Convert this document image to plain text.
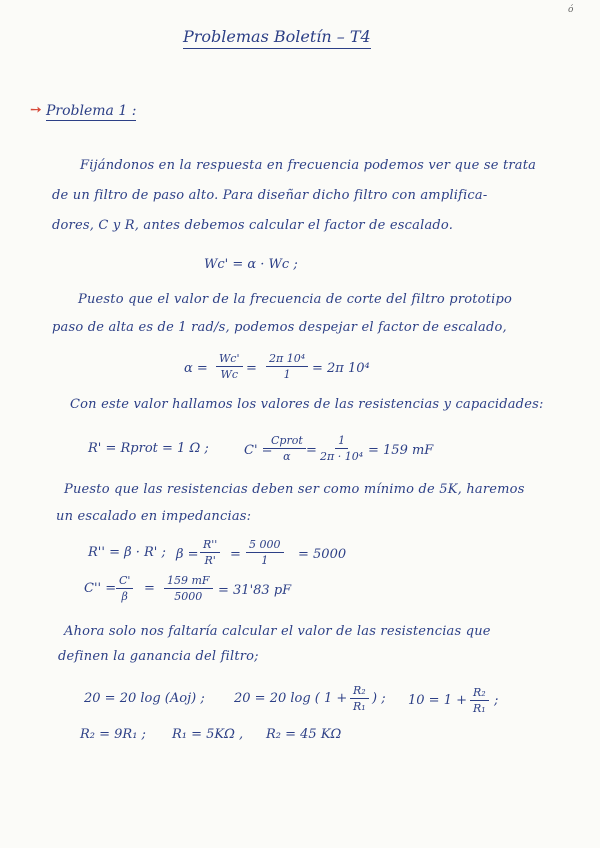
ó
Problemas Boletín – T4
➙ Problema 1 :
Fijándonos en la respuesta en frecuencia podemos ver que se trata
de un filtro de paso alto. Para diseñar dicho filtro con amplifica-
dores, C y R, antes debemos calcular el factor de escalado.
Wc' = α · Wc ;
Puesto que el valor de la frecuencia de corte del filtro prototipo
paso de alta es de 1 rad/s, podemos despejar el factor de escalado,
$\alpha = \frac{Wc'}{Wc} = \frac{\text{2π 10⁴}}{1} = 2\pi$ 10⁴
Con este valor hallamos los valores de las resistencias y capacidades:
R' = Rprot = 1 Ω ;	C' =
Cprot
$\alpha = \frac{1}{\text{2π · 10⁴}} = 159$ mF
Puesto que las resistencias deben ser como mínimo de 5K, haremos
un escalado en impedancias:
R'' = β · R' ; $\beta = \frac{R''}{R'} = \frac{5 000}{1} = 5000$
$C'' = \frac{C'}{\beta} = \frac{159 mF}{5000} = 31'83$ pF
Ahora solo nos faltaría calcular el valor de las resistencias que
definen la ganancia del filtro;
20 = 20 log (Aoj) ; 20 = 20 log ( $1 + \frac{\text{R₂}}{\text{R₁}}$ ) ; $10 = 1 + \frac{\text{R₂}}{\text{R₁}}$ ;
R₂ = 9R₁ ; R₁ = 5KΩ , R₂ = 45 KΩ
